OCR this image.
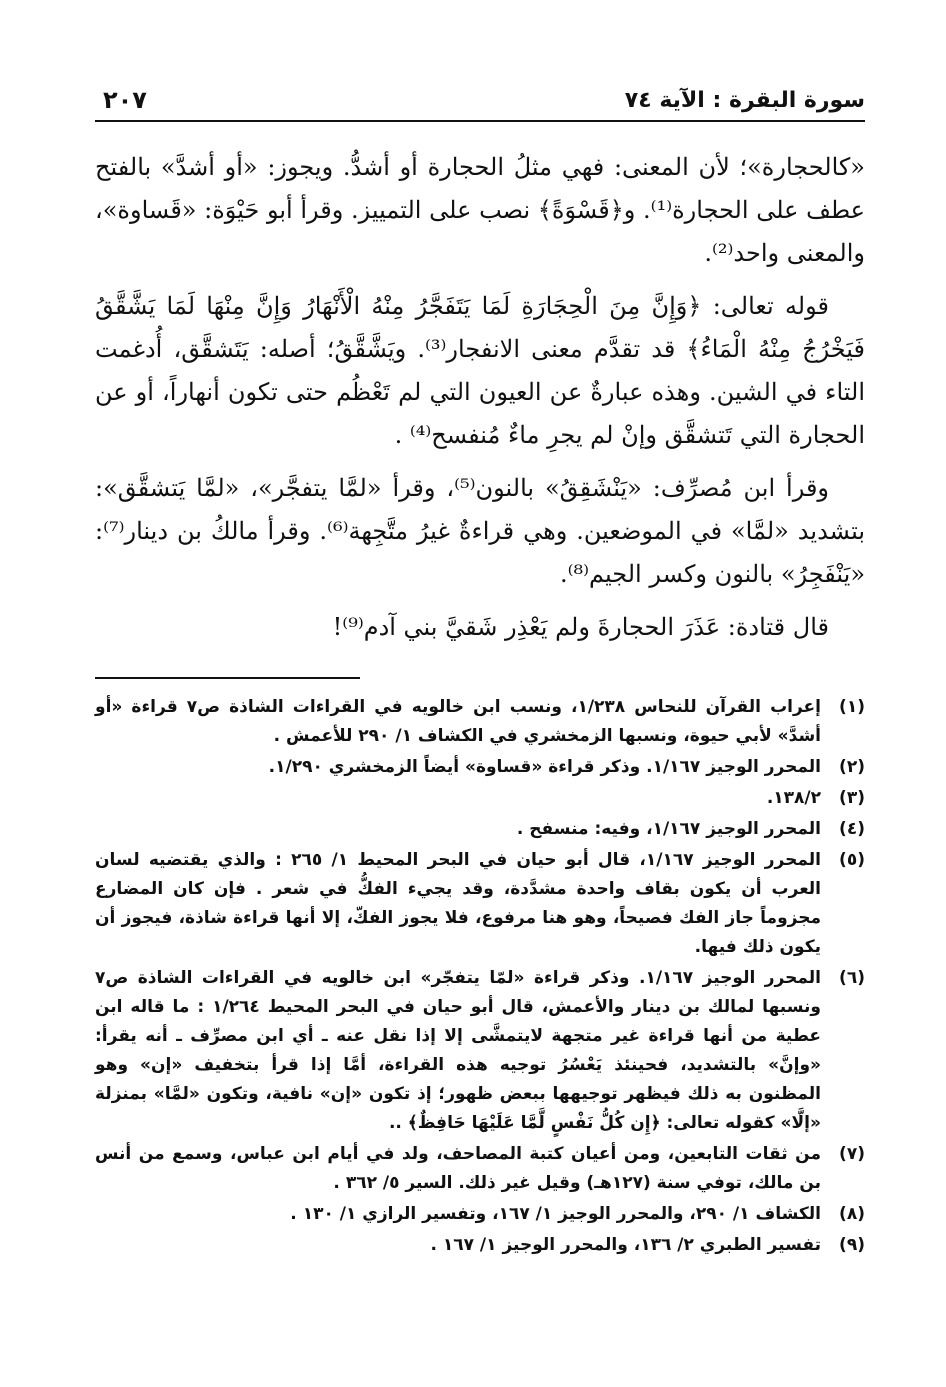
سورة البقرة : الآية ٧٤
٢٠٧

«كالحجارة»؛ لأن المعنى: فهي مثلُ الحجارة أو أشدُّ. ويجوز: «أو أشدَّ» بالفتح عطف على الحجارة⁽¹⁾. و﴿قَسْوَةً﴾ نصب على التمييز. وقرأ أبو حَيْوَة: «قَساوة»، والمعنى واحد⁽²⁾.

قوله تعالى: ﴿وَإِنَّ مِنَ الْحِجَارَةِ لَمَا يَتَفَجَّرُ مِنْهُ الْأَنْهَارُ وَإِنَّ مِنْهَا لَمَا يَشَّقَّقُ فَيَخْرُجُ مِنْهُ الْمَاءُ﴾ قد تقدَّم معنى الانفجار⁽³⁾. ويَشَّقَّقُ؛ أصله: يَتَشقَّق، أُدغمت التاء في الشين. وهذه عبارةٌ عن العيون التي لم تَعْظُم حتى تكون أنهاراً، أو عن الحجارة التي تَتشقَّق وإنْ لم يجرِ ماءٌ مُنفسح⁽⁴⁾ .

وقرأ ابن مُصرِّف: «يَنْشَقِقُ» بالنون⁽⁵⁾، وقرأ «لمَّا يتفجَّر»، «لمَّا يَتشقَّق»: بتشديد «لمَّا» في الموضعين. وهي قراءةٌ غيرُ متَّجِهة⁽⁶⁾. وقرأ مالكُ بن دينار⁽⁷⁾: «يَنْفَجِرُ» بالنون وكسر الجيم⁽⁸⁾.

قال قتادة: عَذَرَ الحجارةَ ولم يَعْذِر شَقيَّ بني آدم⁽⁹⁾!

(١)
إعراب القرآن للنحاس ١/٢٣٨، ونسب ابن خالويه في القراءات الشاذة ص٧ قراءة «أو أشدَّ» لأبي حيوة، ونسبها الزمخشري في الكشاف ١/ ٢٩٠ للأعمش .
(٢)
المحرر الوجيز ١/١٦٧. وذكر قراءة «قساوة» أيضاً الزمخشري ١/٢٩٠.
(٣)
١٣٨/٢.
(٤)
المحرر الوجيز ١/١٦٧، وفيه: منسفح .
(٥)
المحرر الوجيز ١/١٦٧، قال أبو حيان في البحر المحيط ١/ ٢٦٥ : والذي يقتضيه لسان العرب أن يكون بقاف واحدة مشدَّدة، وقد يجيء الفكُّ في شعر . فإن كان المضارع مجزوماً جاز الفك فصيحاً، وهو هنا مرفوع، فلا يجوز الفكّ، إلا أنها قراءة شاذة، فيجوز أن يكون ذلك فيها.
(٦)
المحرر الوجيز ١/١٦٧. وذكر قراءة «لمّا يتفجّر» ابن خالويه في القراءات الشاذة ص٧ ونسبها لمالك بن دينار والأعمش، قال أبو حيان في البحر المحيط ١/٢٦٤ : ما قاله ابن عطية من أنها قراءة غير متجهة لايتمشَّى إلا إذا نقل عنه ـ أي ابن مصرِّف ـ أنه يقرأ: «وإنَّ» بالتشديد، فحينئذ يَعْسُرُ توجيه هذه القراءة، أمَّا إذا قرأ بتخفيف «إن» وهو المظنون به ذلك فيظهر توجيهها ببعض ظهور؛ إذ تكون «إن» نافية، وتكون «لمَّا» بمنزلة «إلَّا» كقوله تعالى: ﴿إِن كُلُّ نَفْسٍ لَّمَّا عَلَيْهَا حَافِظٌ﴾ ..
(٧)
من ثقات التابعين، ومن أعيان كتبة المصاحف، ولد في أيام ابن عباس، وسمع من أنس بن مالك، توفي سنة (١٢٧هـ) وقيل غير ذلك. السير ٥/ ٣٦٢ .
(٨)
الكشاف ١/ ٢٩٠، والمحرر الوجيز ١/ ١٦٧، وتفسير الرازي ١/ ١٣٠ .
(٩)
تفسير الطبري ٢/ ١٣٦، والمحرر الوجيز ١/ ١٦٧ .
